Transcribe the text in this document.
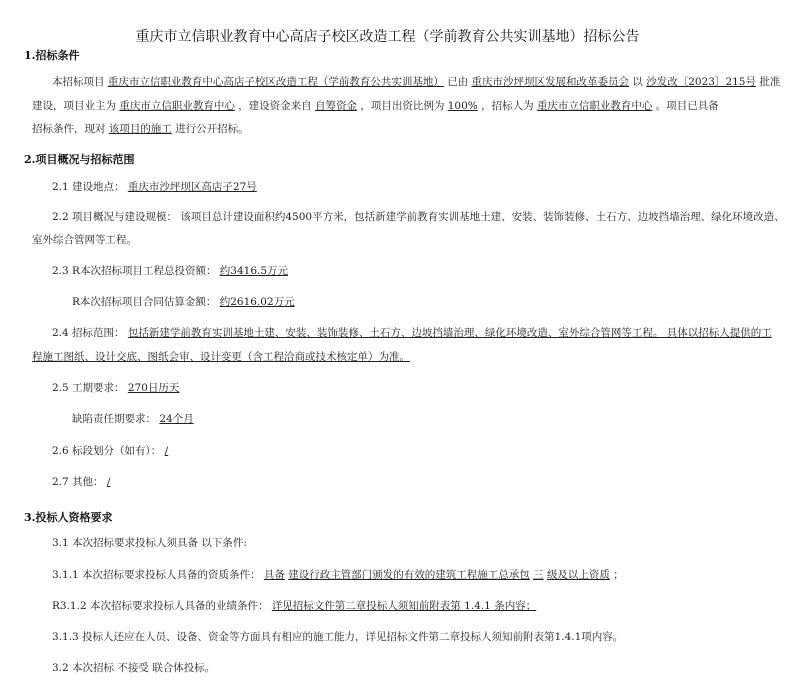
重庆市立信职业教育中心高店子校区改造工程（学前教育公共实训基地）招标公告
1.招标条件
本招标项目 重庆市立信职业教育中心高店子校区改造工程（学前教育公共实训基地） 已由 重庆市沙坪坝区发展和改革委员会 以 沙发改〔2023〕215号 批准
建设，项目业主为 重庆市立信职业教育中心 ，建设资金来自 自筹资金 ，项目出资比例为 100% ，招标人为 重庆市立信职业教育中心 。项目已具备
招标条件，现对 该项目的施工 进行公开招标。
2.项目概况与招标范围
2.1 建设地点： 重庆市沙坪坝区高店子27号
2.2 项目概况与建设规模： 该项目总计建设面积约4500平方米，包括新建学前教育实训基地土建、安装、装饰装修、土石方、边坡挡墙治理、绿化环境改造、
室外综合管网等工程。
2.3 R本次招标项目工程总投资额： 约3416.5万元
R本次招标项目合同估算金额： 约2616.02万元
2.4 招标范围： 包括新建学前教育实训基地土建、安装、装饰装修、土石方、边坡挡墙治理、绿化环境改造、室外综合管网等工程。 具体以招标人提供的工
程施工图纸、设计交底、图纸会审、设计变更（含工程洽商或技术核定单）为准。
2.5 工期要求： 270日历天
缺陷责任期要求： 24个月
2.6 标段划分（如有）： /
2.7 其他： /
3.投标人资格要求
3.1 本次招标要求投标人须具备 以下条件:
3.1.1 本次招标要求投标人具备的资质条件： 具备 建设行政主管部门颁发的有效的建筑工程施工总承包 三 级及以上资质 ；
R3.1.2 本次招标要求投标人具备的业绩条件： 详见招标文件第二章投标人须知前附表第 1.4.1 条内容；
3.1.3 投标人还应在人员、设备、资金等方面具有相应的施工能力，详见招标文件第二章投标人须知前附表第1.4.1项内容。
3.2 本次招标 不接受 联合体投标。
